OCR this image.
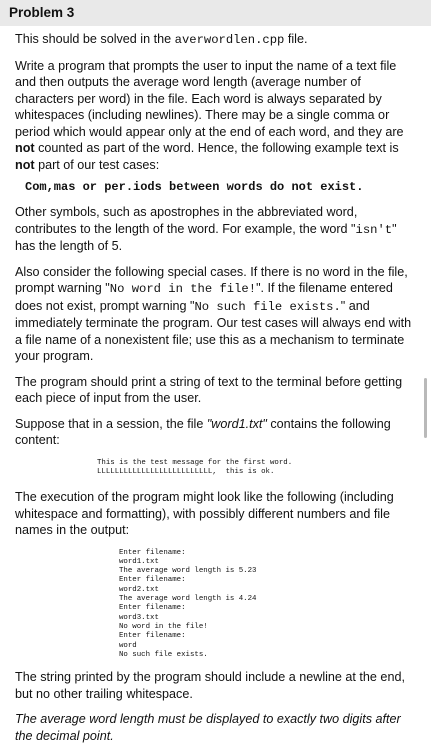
Problem 3

This should be solved in the averwordlen.cpp file.

Write a program that prompts the user to input the name of a text file and then outputs the average word length (average number of characters per word) in the file. Each word is always separated by whitespaces (including newlines). There may be a single comma or period which would appear only at the end of each word, and they are not counted as part of the word. Hence, the following example text is not part of our test cases:

Com,mas or per.iods between words do not exist.

Other symbols, such as apostrophes in the abbreviated word, contributes to the length of the word. For example, the word "isn't" has the length of 5.

Also consider the following special cases. If there is no word in the file, prompt warning "No word in the file!". If the filename entered does not exist, prompt warning "No such file exists." and immediately terminate the program. Our test cases will always end with a file name of a nonexistent file; use this as a mechanism to terminate your program.

The program should print a string of text to the terminal before getting each piece of input from the user.

Suppose that in a session, the file "word1.txt" contains the following content:

This is the test message for the first word.
LLLLLLLLLLLLLLLLLLLLLLLLLL,  this is ok.

The execution of the program might look like the following (including whitespace and formatting), with possibly different numbers and file names in the output:

Enter filename:
word1.txt
The average word length is 5.23
Enter filename:
word2.txt
The average word length is 4.24
Enter filename:
word3.txt
No word in the file!
Enter filename:
word
No such file exists.

The string printed by the program should include a newline at the end, but no other trailing whitespace.

The average word length must be displayed to exactly two digits after the decimal point.
